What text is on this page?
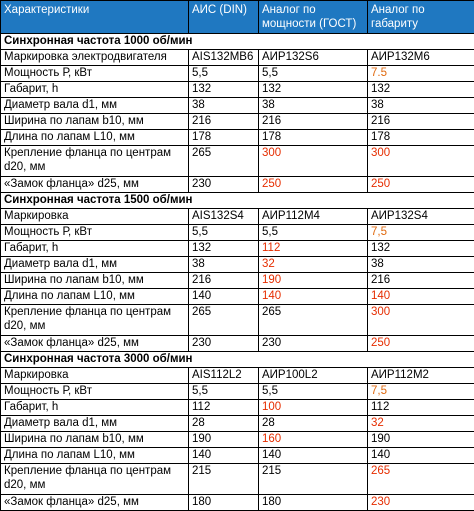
Характеристики	АИС (DIN)	Аналог по мощности (ГОСТ)	Аналог по габариту
Синхронная частота 1000 об/мин			
Маркировка электродвигателя	AIS132MB6	АИР132S6	АИР132M6
Мощность Р, кВт	5,5	5,5	7.5
Габарит, h	132	132	132
Диаметр вала d1, мм	38	38	38
Ширина по лапам b10, мм	216	216	216
Длина по лапам L10, мм	178	178	178
Крепление фланца по центрам d20, мм	265	300	300
«Замок фланца» d25, мм	230	250	250
Синхронная частота 1500 об/мин			
Маркировка	AIS132S4	АИР112M4	АИР132S4
Мощность Р, кВт	5,5	5,5	7,5
Габарит, h	132	112	132
Диаметр вала d1, мм	38	32	38
Ширина по лапам b10, мм	216	190	216
Длина по лапам L10, мм	140	140	140
Крепление фланца по центрам d20, мм	265	265	300
«Замок фланца» d25, мм	230	230	250
Синхронная частота 3000 об/мин			
Маркировка	AIS112L2	АИР100L2	АИР112M2
Мощность Р, кВт	5,5	5,5	7,5
Габарит, h	112	100	112
Диаметр вала d1, мм	28	28	32
Ширина по лапам b10, мм	190	160	190
Длина по лапам L10, мм	140	140	140
Крепление фланца по центрам d20, мм	215	215	265
«Замок фланца» d25, мм	180	180	230
